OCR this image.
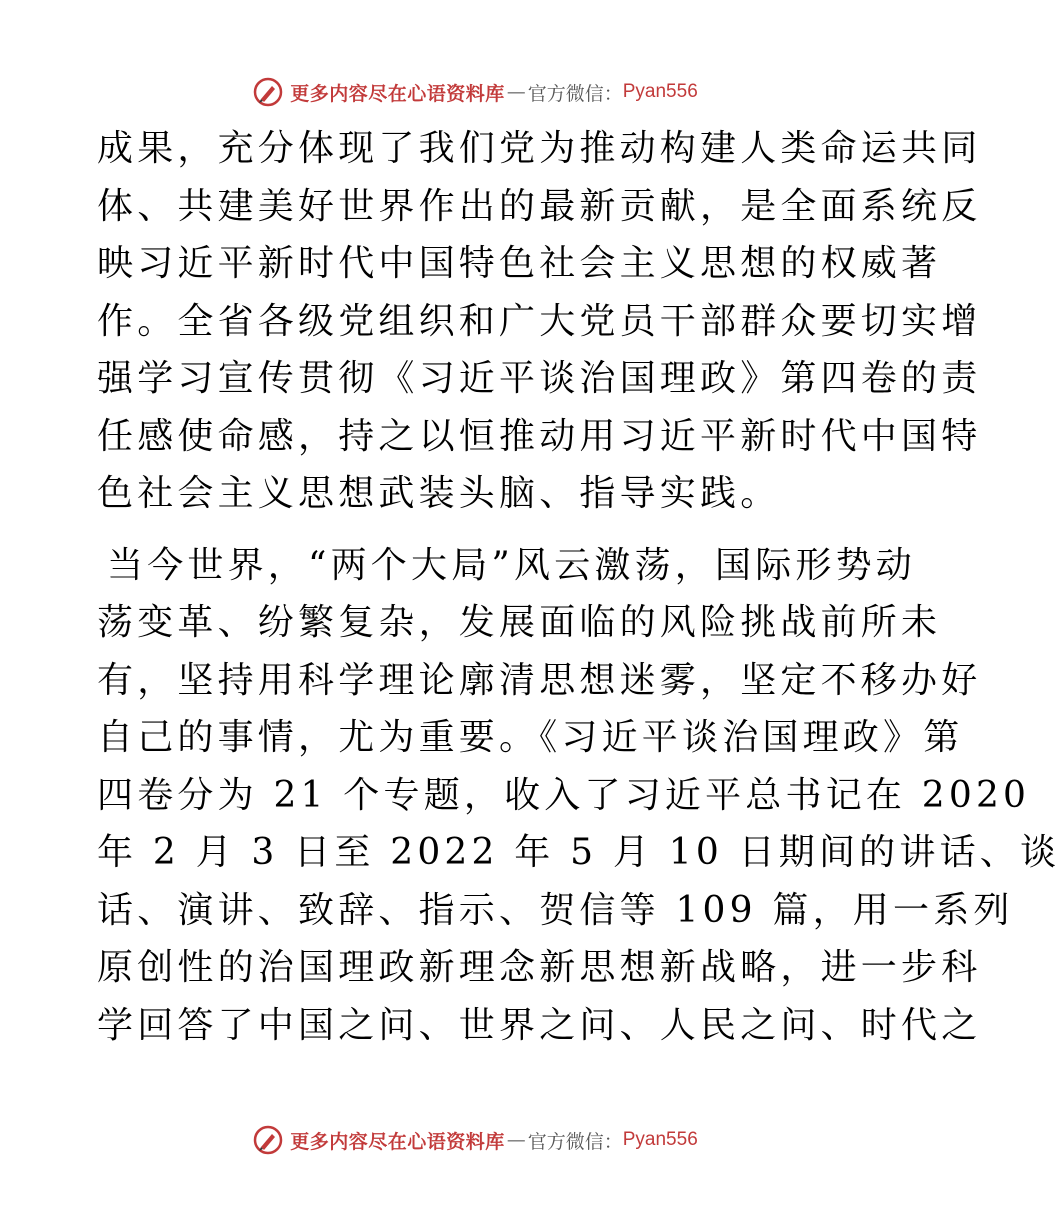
更多内容尽在心语资料库 — 官方微信： Pyan556
成果，充分体现了我们党为推动构建人类命运共同
体、共建美好世界作出的最新贡献，是全面系统反
映习近平新时代中国特色社会主义思想的权威著
作。全省各级党组织和广大党员干部群众要切实增
强学习宣传贯彻《习近平谈治国理政》第四卷的责
任感使命感，持之以恒推动用习近平新时代中国特
色社会主义思想武装头脑、指导实践。
当今世界，“两个大局”风云激荡，国际形势动
荡变革、纷繁复杂，发展面临的风险挑战前所未
有，坚持用科学理论廓清思想迷雾，坚定不移办好
自己的事情，尤为重要。《习近平谈治国理政》第
四卷分为 21 个专题，收入了习近平总书记在 2020
年 2 月 3 日至 2022 年 5 月 10 日期间的讲话、谈
话、演讲、致辞、指示、贺信等 109 篇，用一系列
原创性的治国理政新理念新思想新战略，进一步科
学回答了中国之问、世界之问、人民之问、时代之
更多内容尽在心语资料库 — 官方微信： Pyan556
